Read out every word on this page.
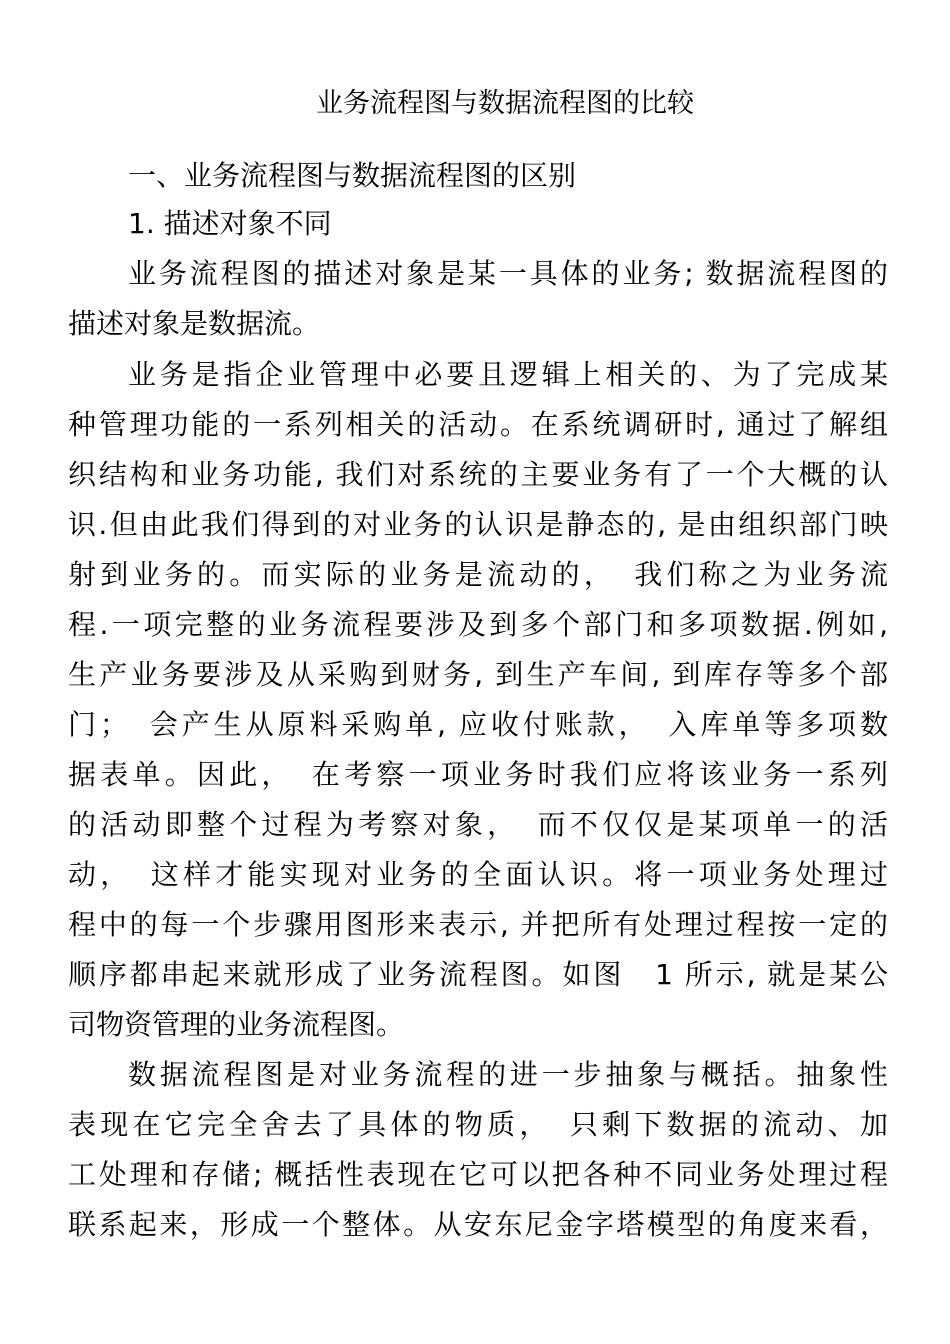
业务流程图与数据流程图的比较
一、业务流程图与数据流程图的区别
1. 描述对象不同
业务流程图的描述对象是某一具体的业务; 数据流程图的
描述对象是数据流。
业务是指企业管理中必要且逻辑上相关的、为了完成某
种管理功能的一系列相关的活动。在系统调研时, 通过了解组
织结构和业务功能, 我们对系统的主要业务有了一个大概的认
识.但由此我们得到的对业务的认识是静态的, 是由组织部门映
射到业务的。而实际的业务是流动的，　我们称之为业务流
程.一项完整的业务流程要涉及到多个部门和多项数据.例如,
生产业务要涉及从采购到财务, 到生产车间, 到库存等多个部
门；　会产生从原料采购单, 应收付账款，　入库单等多项数
据表单。因此，　在考察一项业务时我们应将该业务一系列
的活动即整个过程为考察对象，　而不仅仅是某项单一的活
动，　这样才能实现对业务的全面认识。将一项业务处理过
程中的每一个步骤用图形来表示, 并把所有处理过程按一定的
顺序都串起来就形成了业务流程图。如图　1 所示, 就是某公
司物资管理的业务流程图。
数据流程图是对业务流程的进一步抽象与概括。抽象性
表现在它完全舍去了具体的物质，　只剩下数据的流动、加
工处理和存储; 概括性表现在它可以把各种不同业务处理过程
联系起来，形成一个整体。从安东尼金字塔模型的角度来看，
